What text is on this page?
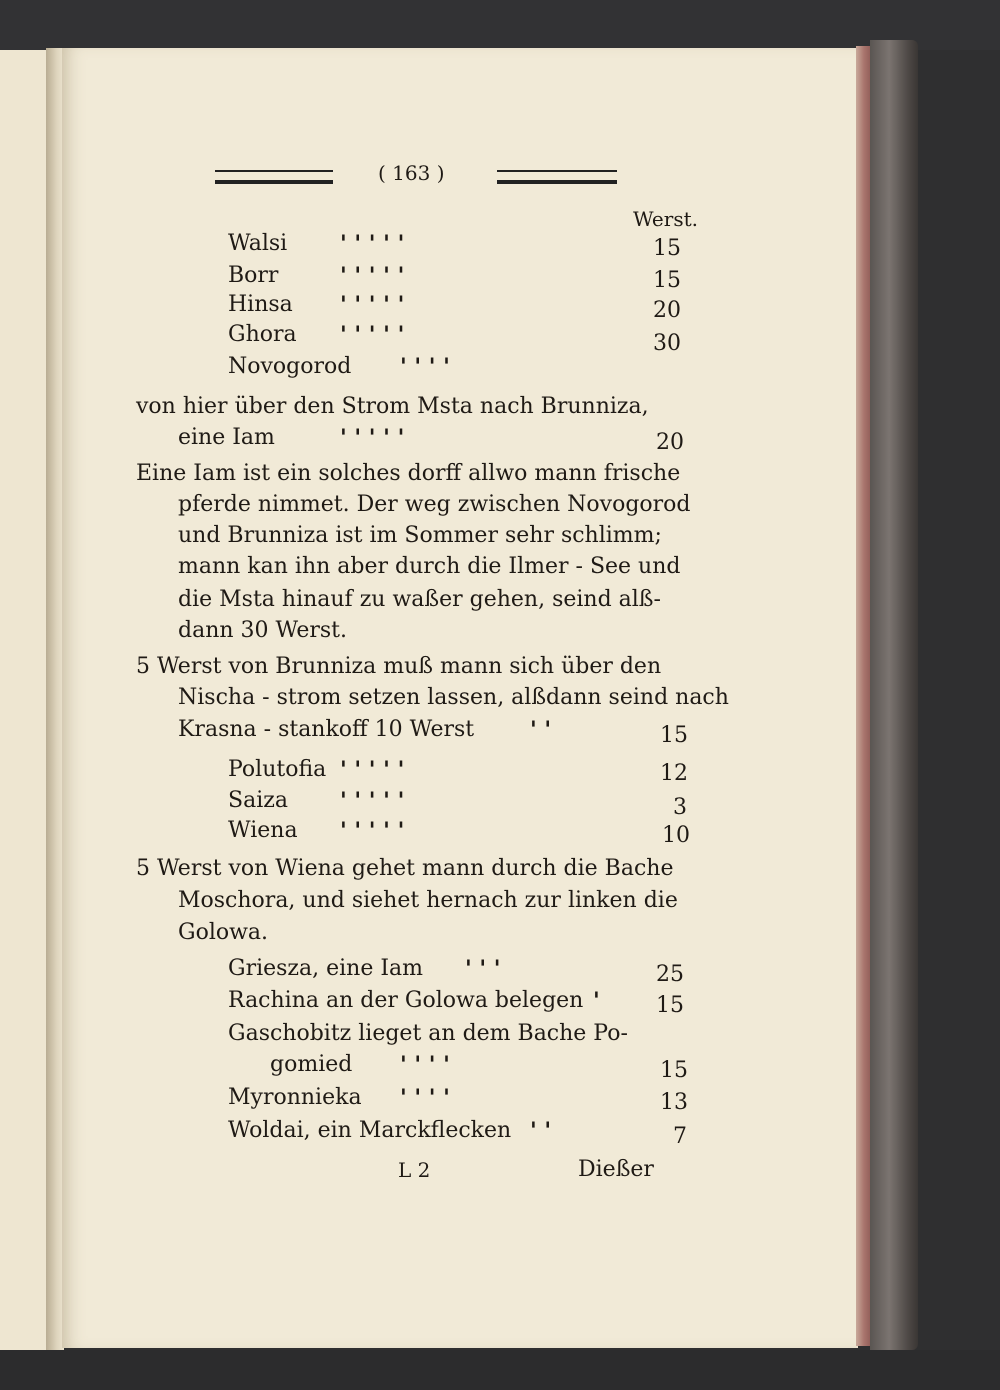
( 163 )
Werst.
Walsi ꞌ ꞌ ꞌ ꞌ ꞌ	15
Borr	ꞌ ꞌ ꞌ ꞌ ꞌ	15
Hinsa ꞌ ꞌ ꞌ ꞌ ꞌ	20
Ghora ꞌ ꞌ ꞌ ꞌ ꞌ	30
Novogorod ꞌ ꞌ ꞌ ꞌ
von hier über den Strom Msta nach Brunniza,
eine Iam	ꞌ ꞌ ꞌ ꞌ ꞌ	20
Eine Iam ist ein solches dorff allwo mann frische
pferde nimmet. Der weg zwischen Novogorod
und Brunniza ist im Sommer sehr schlimm;
mann kan ihn aber durch die Ilmer - See und
die Msta hinauf zu waßer gehen, seind alß-
dann 30 Werst.
5 Werst von Brunniza muß mann sich über den
Nischa - strom setzen lassen, alßdann seind nach
Krasna - stankoff 10 Werst	ꞌ ꞌ	15
Polutofia ꞌ ꞌ ꞌ ꞌ ꞌ	12
Saiza ꞌ ꞌ ꞌ ꞌ ꞌ	3
Wiena ꞌ ꞌ ꞌ ꞌ ꞌ	10
5 Werst von Wiena gehet mann durch die Bache
Moschora, und siehet hernach zur linken die
Golowa.
Griesza, eine Iam ꞌ ꞌ ꞌ	25
Rachina an der Golowa belegen ꞌ	15
Gaschobitz lieget an dem Bache Po-
gomied ꞌ ꞌ ꞌ ꞌ	15
Myronnieka ꞌ ꞌ ꞌ ꞌ	13
Woldai, ein Marckflecken ꞌ ꞌ	7
L 2	Dießer
